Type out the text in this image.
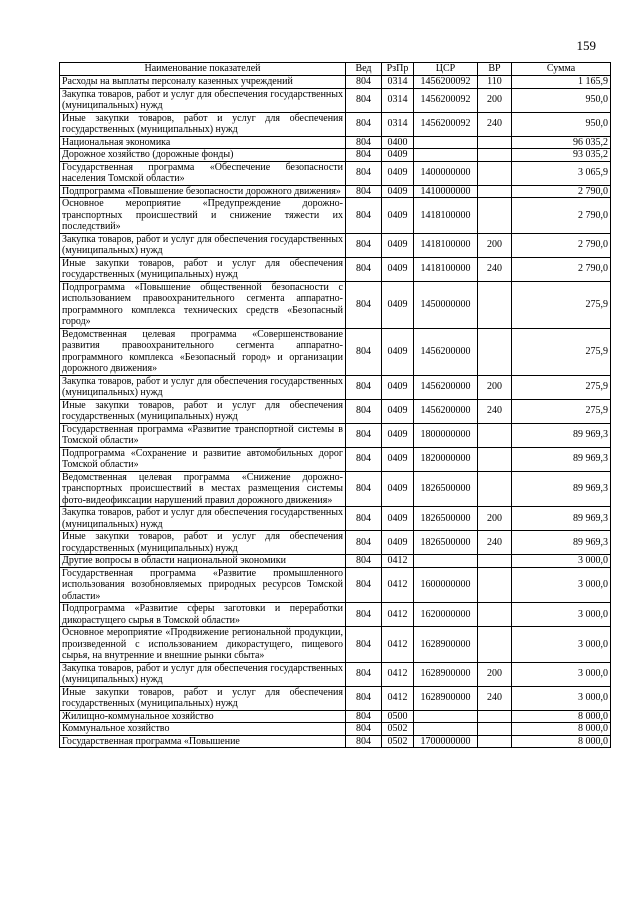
159
Наименование показателей	Вед	РзПр	ЦСР	ВР	Сумма
Расходы на выплаты персоналу казенных учреждений	804	0314	1456200092	110	1 165,9
Закупка товаров, работ и услуг для обеспечения государственных (муниципальных) нужд	804	0314	1456200092	200	950,0
Иные закупки товаров, работ и услуг для обеспечения государственных (муниципальных) нужд	804	0314	1456200092	240	950,0
Национальная экономика	804	0400			96 035,2
Дорожное хозяйство (дорожные фонды)	804	0409			93 035,2
Государственная программа «Обеспечение безопасности населения Томской области»	804	0409	1400000000		3 065,9
Подпрограмма «Повышение безопасности дорожного движения»	804	0409	1410000000		2 790,0
Основное мероприятие «Предупреждение дорожно-транспортных происшествий и снижение тяжести их последствий»	804	0409	1418100000		2 790,0
Закупка товаров, работ и услуг для обеспечения государственных (муниципальных) нужд	804	0409	1418100000	200	2 790,0
Иные закупки товаров, работ и услуг для обеспечения государственных (муниципальных) нужд	804	0409	1418100000	240	2 790,0
Подпрограмма «Повышение общественной безопасности с использованием правоохранительного сегмента аппаратно-программного комплекса технических средств «Безопасный город»	804	0409	1450000000		275,9
Ведомственная целевая программа «Совершенствование развития правоохранительного сегмента аппаратно-программного комплекса «Безопасный город» и организации дорожного движения»	804	0409	1456200000		275,9
Закупка товаров, работ и услуг для обеспечения государственных (муниципальных) нужд	804	0409	1456200000	200	275,9
Иные закупки товаров, работ и услуг для обеспечения государственных (муниципальных) нужд	804	0409	1456200000	240	275,9
Государственная программа «Развитие транспортной системы в Томской области»	804	0409	1800000000		89 969,3
Подпрограмма «Сохранение и развитие автомобильных дорог Томской области»	804	0409	1820000000		89 969,3
Ведомственная целевая программа «Снижение дорожно-транспортных происшествий в местах размещения системы фото-видеофиксации нарушений правил дорожного движения»	804	0409	1826500000		89 969,3
Закупка товаров, работ и услуг для обеспечения государственных (муниципальных) нужд	804	0409	1826500000	200	89 969,3
Иные закупки товаров, работ и услуг для обеспечения государственных (муниципальных) нужд	804	0409	1826500000	240	89 969,3
Другие вопросы в области национальной экономики	804	0412			3 000,0
Государственная программа «Развитие промышленного использования возобновляемых природных ресурсов Томской области»	804	0412	1600000000		3 000,0
Подпрограмма «Развитие сферы заготовки и переработки дикорастущего сырья в Томской области»	804	0412	1620000000		3 000,0
Основное мероприятие «Продвижение региональной продукции, произведенной с использованием дикорастущего, пищевого сырья, на внутренние и внешние рынки сбыта»	804	0412	1628900000		3 000,0
Закупка товаров, работ и услуг для обеспечения государственных (муниципальных) нужд	804	0412	1628900000	200	3 000,0
Иные закупки товаров, работ и услуг для обеспечения государственных (муниципальных) нужд	804	0412	1628900000	240	3 000,0
Жилищно-коммунальное хозяйство	804	0500			8 000,0
Коммунальное хозяйство	804	0502			8 000,0
Государственная программа «Повышение	804	0502	1700000000		8 000,0
